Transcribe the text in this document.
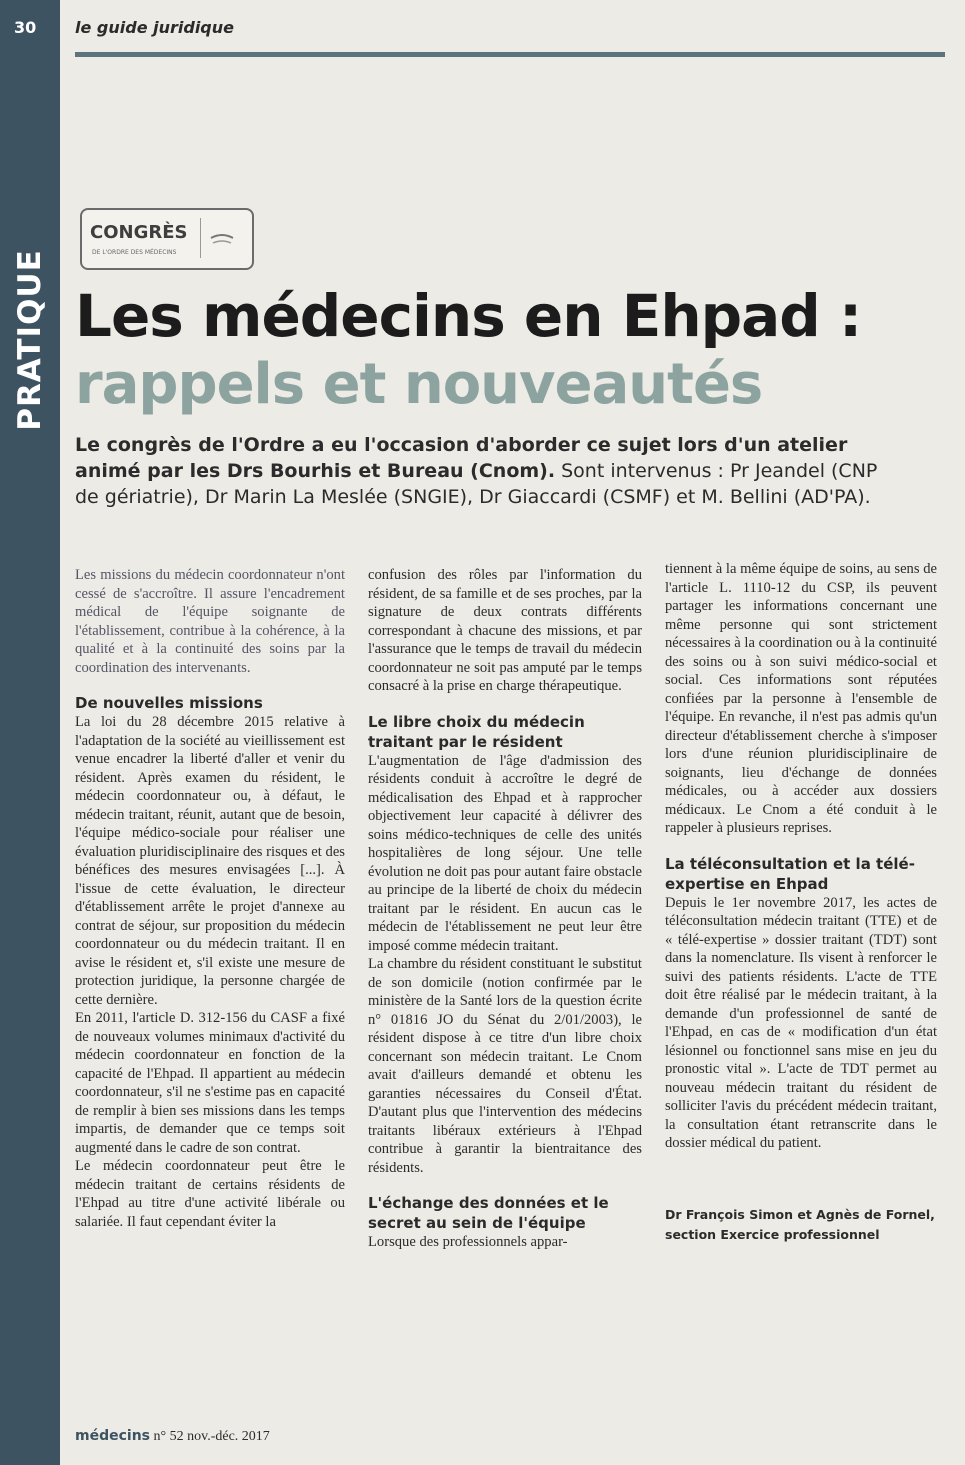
30
PRATIQUE
le guide juridique
CONGRÈS
DE L'ORDRE DES MÉDECINS
Les médecins en Ehpad :
rappels et nouveautés

Le congrès de l'Ordre a eu l'occasion d'aborder ce sujet lors d'un atelier animé par les Drs Bourhis et Bureau (Cnom). Sont intervenus : Pr Jeandel (CNP de gériatrie), Dr Marin La Meslée (SNGIE), Dr Giaccardi (CSMF) et M. Bellini (AD'PA).

Les missions du médecin coordonnateur n'ont cessé de s'accroître. Il assure l'encadrement médical de l'équipe soignante de l'établissement, contribue à la cohérence, à la qualité et à la continuité des soins par la coordination des intervenants.

De nouvelles missions

La loi du 28 décembre 2015 relative à l'adaptation de la société au vieillissement est venue encadrer la liberté d'aller et venir du résident. Après examen du résident, le médecin coordonnateur ou, à défaut, le médecin traitant, réunit, autant que de besoin, l'équipe médico-sociale pour réaliser une évaluation pluridisciplinaire des risques et des bénéfices des mesures envisagées [...]. À l'issue de cette évaluation, le directeur d'établissement arrête le projet d'annexe au contrat de séjour, sur proposition du médecin coordonnateur ou du médecin traitant. Il en avise le résident et, s'il existe une mesure de protection juridique, la personne chargée de cette dernière.

En 2011, l'article D. 312-156 du CASF a fixé de nouveaux volumes minimaux d'activité du médecin coordonnateur en fonction de la capacité de l'Ehpad. Il appartient au médecin coordonnateur, s'il ne s'estime pas en capacité de remplir à bien ses missions dans les temps impartis, de demander que ce temps soit augmenté dans le cadre de son contrat.

Le médecin coordonnateur peut être le médecin traitant de certains résidents de l'Ehpad au titre d'une activité libérale ou salariée. Il faut cependant éviter la

confusion des rôles par l'information du résident, de sa famille et de ses proches, par la signature de deux contrats différents correspondant à chacune des missions, et par l'assurance que le temps de travail du médecin coordonnateur ne soit pas amputé par le temps consacré à la prise en charge thérapeutique.

Le libre choix du médecin traitant par le résident

L'augmentation de l'âge d'admission des résidents conduit à accroître le degré de médicalisation des Ehpad et à rapprocher objectivement leur capacité à délivrer des soins médico-techniques de celle des unités hospitalières de long séjour. Une telle évolution ne doit pas pour autant faire obstacle au principe de la liberté de choix du médecin traitant par le résident. En aucun cas le médecin de l'établissement ne peut leur être imposé comme médecin traitant.

La chambre du résident constituant le substitut de son domicile (notion confirmée par le ministère de la Santé lors de la question écrite n° 01816 JO du Sénat du 2/01/2003), le résident dispose à ce titre d'un libre choix concernant son médecin traitant. Le Cnom avait d'ailleurs demandé et obtenu les garanties nécessaires du Conseil d'État. D'autant plus que l'intervention des médecins traitants libéraux extérieurs à l'Ehpad contribue à garantir la bientraitance des résidents.

L'échange des données et le secret au sein de l'équipe

Lorsque des professionnels appar-

tiennent à la même équipe de soins, au sens de l'article L. 1110-12 du CSP, ils peuvent partager les informations concernant une même personne qui sont strictement nécessaires à la coordination ou à la continuité des soins ou à son suivi médico-social et social. Ces informations sont réputées confiées par la personne à l'ensemble de l'équipe. En revanche, il n'est pas admis qu'un directeur d'établissement cherche à s'imposer lors d'une réunion pluridisciplinaire de soignants, lieu d'échange de données médicales, ou à accéder aux dossiers médicaux. Le Cnom a été conduit à le rappeler à plusieurs reprises.

La téléconsultation et la télé-expertise en Ehpad

Depuis le 1er novembre 2017, les actes de téléconsultation médecin traitant (TTE) et de « télé-expertise » dossier traitant (TDT) sont dans la nomenclature. Ils visent à renforcer le suivi des patients résidents. L'acte de TTE doit être réalisé par le médecin traitant, à la demande d'un professionnel de santé de l'Ehpad, en cas de « modification d'un état lésionnel ou fonctionnel sans mise en jeu du pronostic vital ». L'acte de TDT permet au nouveau médecin traitant du résident de solliciter l'avis du précédent médecin traitant, la consultation étant retranscrite dans le dossier médical du patient.

Dr François Simon et Agnès de Fornel, section Exercice professionnel
médecins n° 52 nov.-déc. 2017
